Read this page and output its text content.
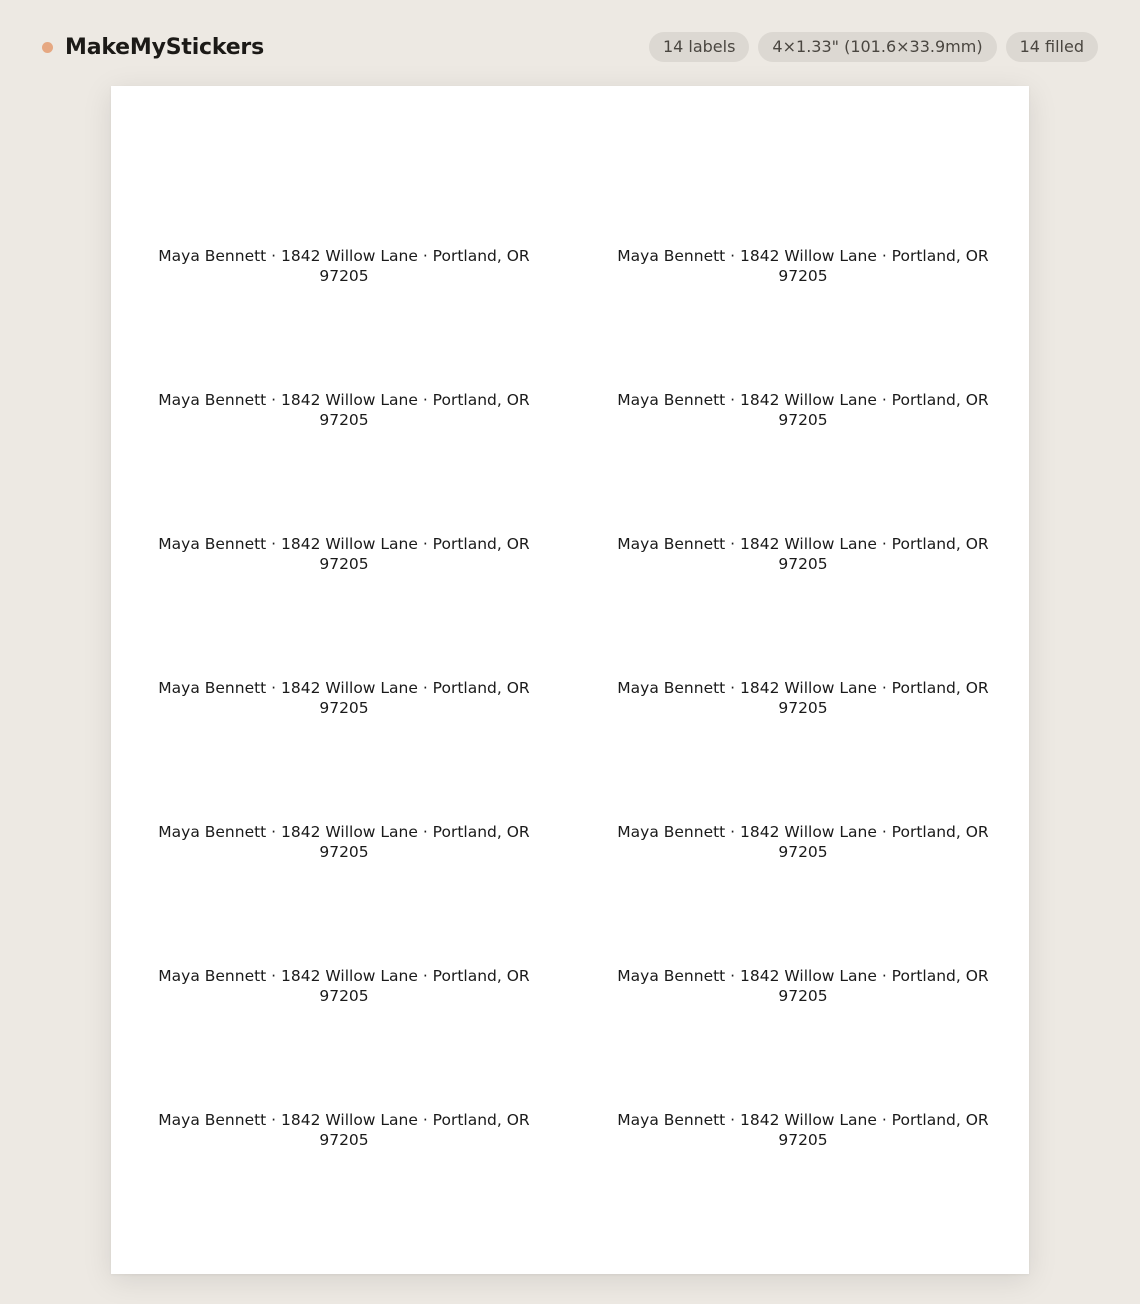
MakeMyStickers	14 labels	4×1.33" (101.6×33.9mm)	14 filled
Maya Bennett · 1842 Willow Lane · Portland, OR 97205
Maya Bennett · 1842 Willow Lane · Portland, OR 97205
Maya Bennett · 1842 Willow Lane · Portland, OR 97205
Maya Bennett · 1842 Willow Lane · Portland, OR 97205
Maya Bennett · 1842 Willow Lane · Portland, OR 97205
Maya Bennett · 1842 Willow Lane · Portland, OR 97205
Maya Bennett · 1842 Willow Lane · Portland, OR 97205
Maya Bennett · 1842 Willow Lane · Portland, OR 97205
Maya Bennett · 1842 Willow Lane · Portland, OR 97205
Maya Bennett · 1842 Willow Lane · Portland, OR 97205
Maya Bennett · 1842 Willow Lane · Portland, OR 97205
Maya Bennett · 1842 Willow Lane · Portland, OR 97205
Maya Bennett · 1842 Willow Lane · Portland, OR 97205
Maya Bennett · 1842 Willow Lane · Portland, OR 97205
